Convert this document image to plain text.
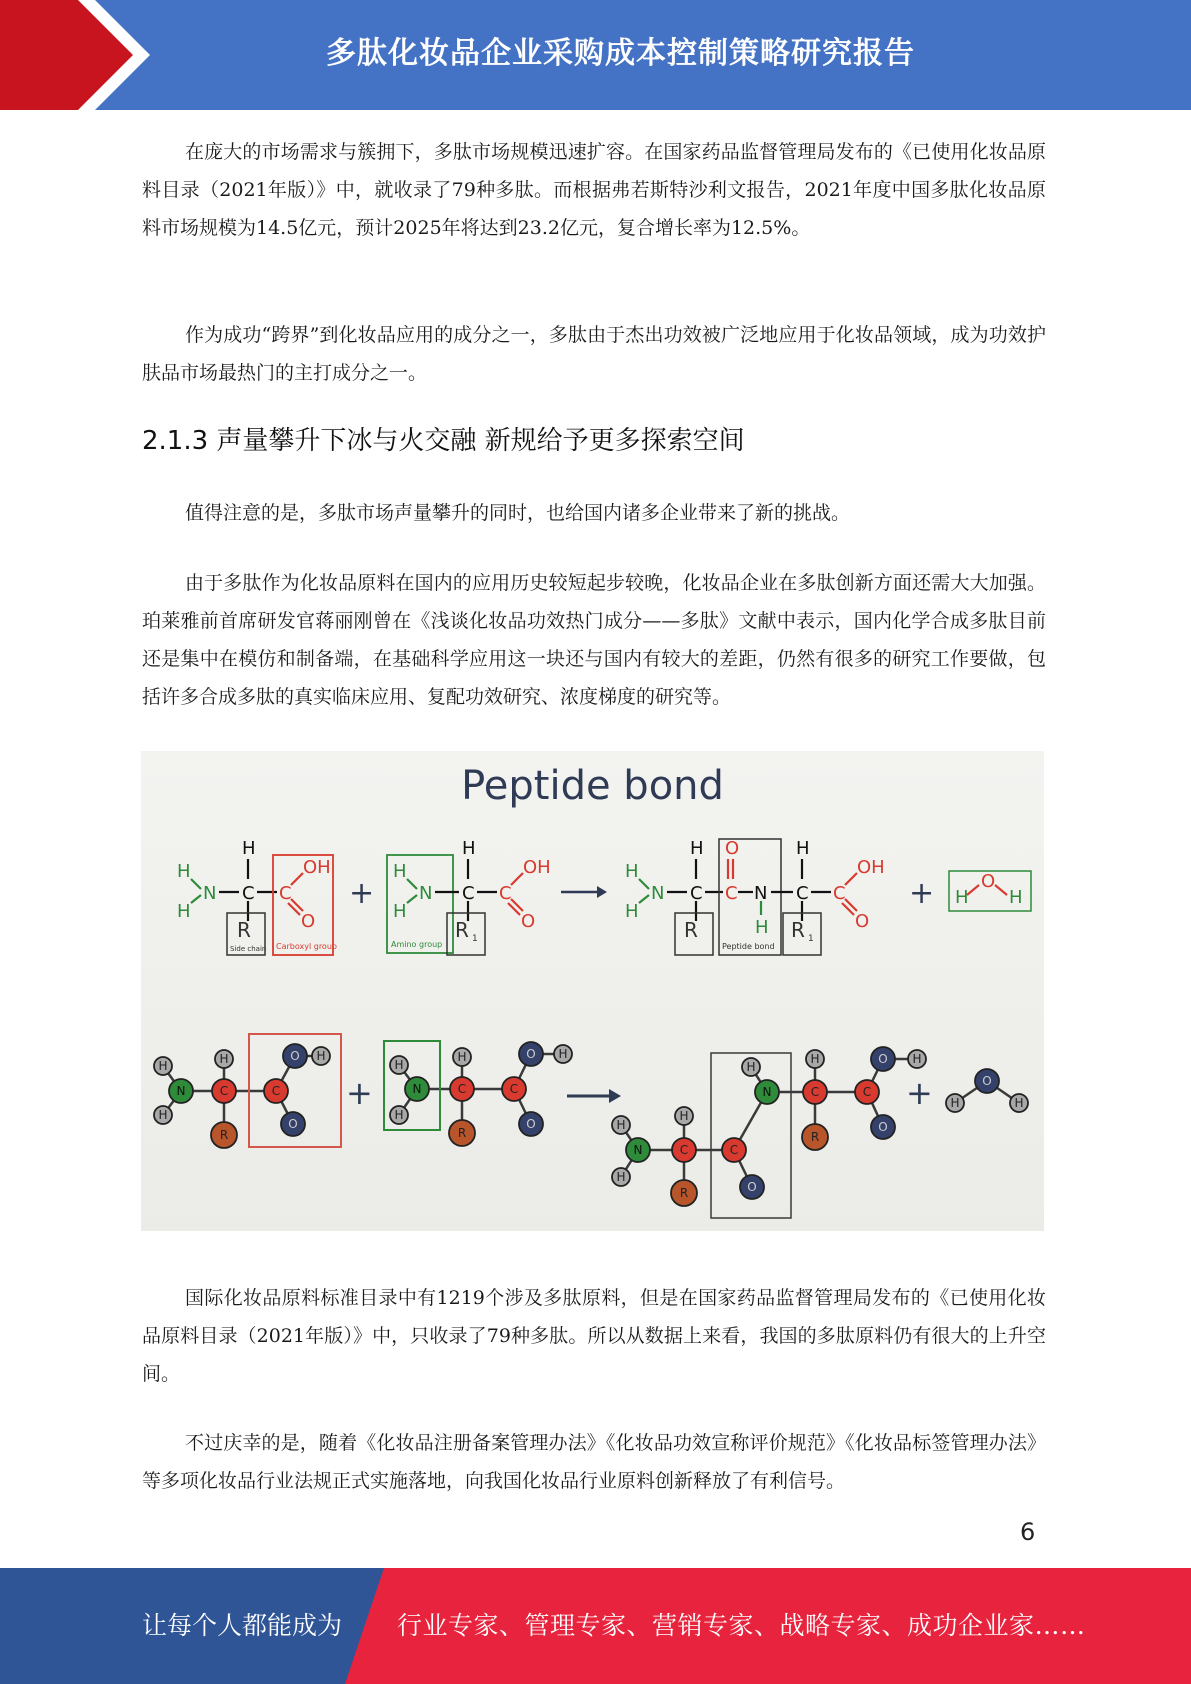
多肽化妆品企业采购成本控制策略研究报告

在庞大的市场需求与簇拥下，多肽市场规模迅速扩容。在国家药品监督管理局发布的《已使用化妆品原料目录（2021年版）》中，就收录了79种多肽。而根据弗若斯特沙利文报告，2021年度中国多肽化妆品原料市场规模为14.5亿元，预计2025年将达到23.2亿元，复合增长率为12.5%。

作为成功“跨界”到化妆品应用的成分之一，多肽由于杰出功效被广泛地应用于化妆品领域，成为功效护肤品市场最热门的主打成分之一。

2.1.3 声量攀升下冰与火交融 新规给予更多探索空间

值得注意的是，多肽市场声量攀升的同时，也给国内诸多企业带来了新的挑战。

由于多肽作为化妆品原料在国内的应用历史较短起步较晚，化妆品企业在多肽创新方面还需大大加强。珀莱雅前首席研发官蒋丽刚曾在《浅谈化妆品功效热门成分——多肽》文献中表示，国内化学合成多肽目前还是集中在模仿和制备端，在基础科学应用这一块还与国内有较大的差距，仍然有很多的研究工作要做，包括许多合成多肽的真实临床应用、复配功效研究、浓度梯度的研究等。

Peptide bond
H
H
N
H
C C
OH
O
R
Side chain Carboxyl group
+
H
H
N
Amino group
H
C C
OH
O
R 1
H
H
N
H
C
R
O
C N
H
Peptide bond
H
C
R 1
C
OH
O
+ H
O
H
+	+
H
H
N
H
C
R
C
O H
O
H
H
N
H
C
R
C
O H
O	H
H
N
H
C
R
C
O
H
N
H
C
R
C
O H
O
H
O
H

国际化妆品原料标准目录中有1219个涉及多肽原料，但是在国家药品监督管理局发布的《已使用化妆品原料目录（2021年版）》中，只收录了79种多肽。所以从数据上来看，我国的多肽原料仍有很大的上升空间。

不过庆幸的是，随着《化妆品注册备案管理办法》《化妆品功效宣称评价规范》《化妆品标签管理办法》等多项化妆品行业法规正式实施落地，向我国化妆品行业原料创新释放了有利信号。

6
让每个人都能成为 行业专家、管理专家、营销专家、战略专家、成功企业家……
